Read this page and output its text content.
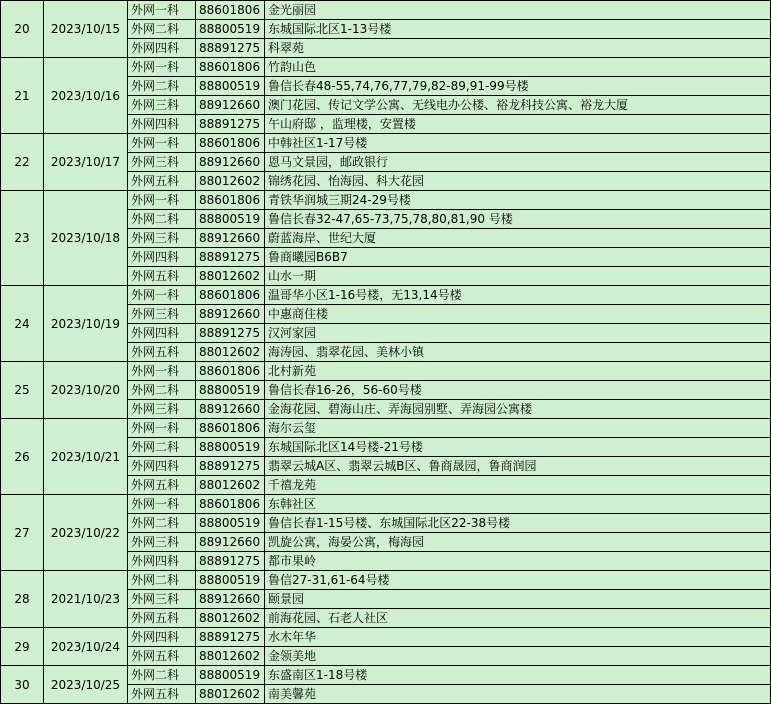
20	2023/10/15	外网一科	88601806	金光丽园
		外网二科	88800519	东城国际北区1-13号楼
		外网四科	88891275	科翠苑
21	2023/10/16	外网一科	88601806	竹韵山色
		外网二科	88800519	鲁信长春48-55,74,76,77,79,82-89,91-99号楼
		外网三科	88912660	澳门花园、传记文学公寓、无线电办公楼、裕龙科技公寓、裕龙大厦
		外网四科	88891275	午山府邸 ，监理楼，安置楼
22	2023/10/17	外网一科	88601806	中韩社区1-17号楼
		外网三科	88912660	恩马文景园，邮政银行
		外网五科	88012602	锦绣花园、怡海园、科大花园
23	2023/10/18	外网一科	88601806	青铁华润城三期24-29号楼
		外网二科	88800519	鲁信长春32-47,65-73,75,78,80,81,90 号楼
		外网三科	88912660	蔚蓝海岸、世纪大厦
		外网四科	88891275	鲁商曦园B6B7
		外网五科	88012602	山水一期
24	2023/10/19	外网一科	88601806	温哥华小区1-16号楼，无13,14号楼
		外网三科	88912660	中惠商住楼
		外网四科	88891275	汉河家园
		外网五科	88012602	海涛园、翡翠花园、美林小镇
25	2023/10/20	外网一科	88601806	北村新苑
		外网二科	88800519	鲁信长春16-26，56-60号楼
		外网三科	88912660	金海花园、碧海山庄、弄海园别墅、弄海园公寓楼
26	2023/10/21	外网一科	88601806	海尔云玺
		外网二科	88800519	东城国际北区14号楼-21号楼
		外网四科	88891275	翡翠云城A区、翡翠云城B区、鲁商晟园，鲁商润园
		外网五科	88012602	千禧龙苑
27	2023/10/22	外网一科	88601806	东韩社区
		外网二科	88800519	鲁信长春1-15号楼、东城国际北区22-38号楼
		外网三科	88912660	凯旋公寓，海晏公寓，梅海园
		外网四科	88891275	都市果岭
28	2021/10/23	外网二科	88800519	鲁信27-31,61-64号楼
		外网三科	88912660	颐景园
		外网五科	88012602	前海花园、石老人社区
29	2023/10/24	外网四科	88891275	水木年华
		外网五科	88012602	金领美地
30	2023/10/25	外网二科	88800519	东盛南区1-18号楼
		外网五科	88012602	南美馨苑
